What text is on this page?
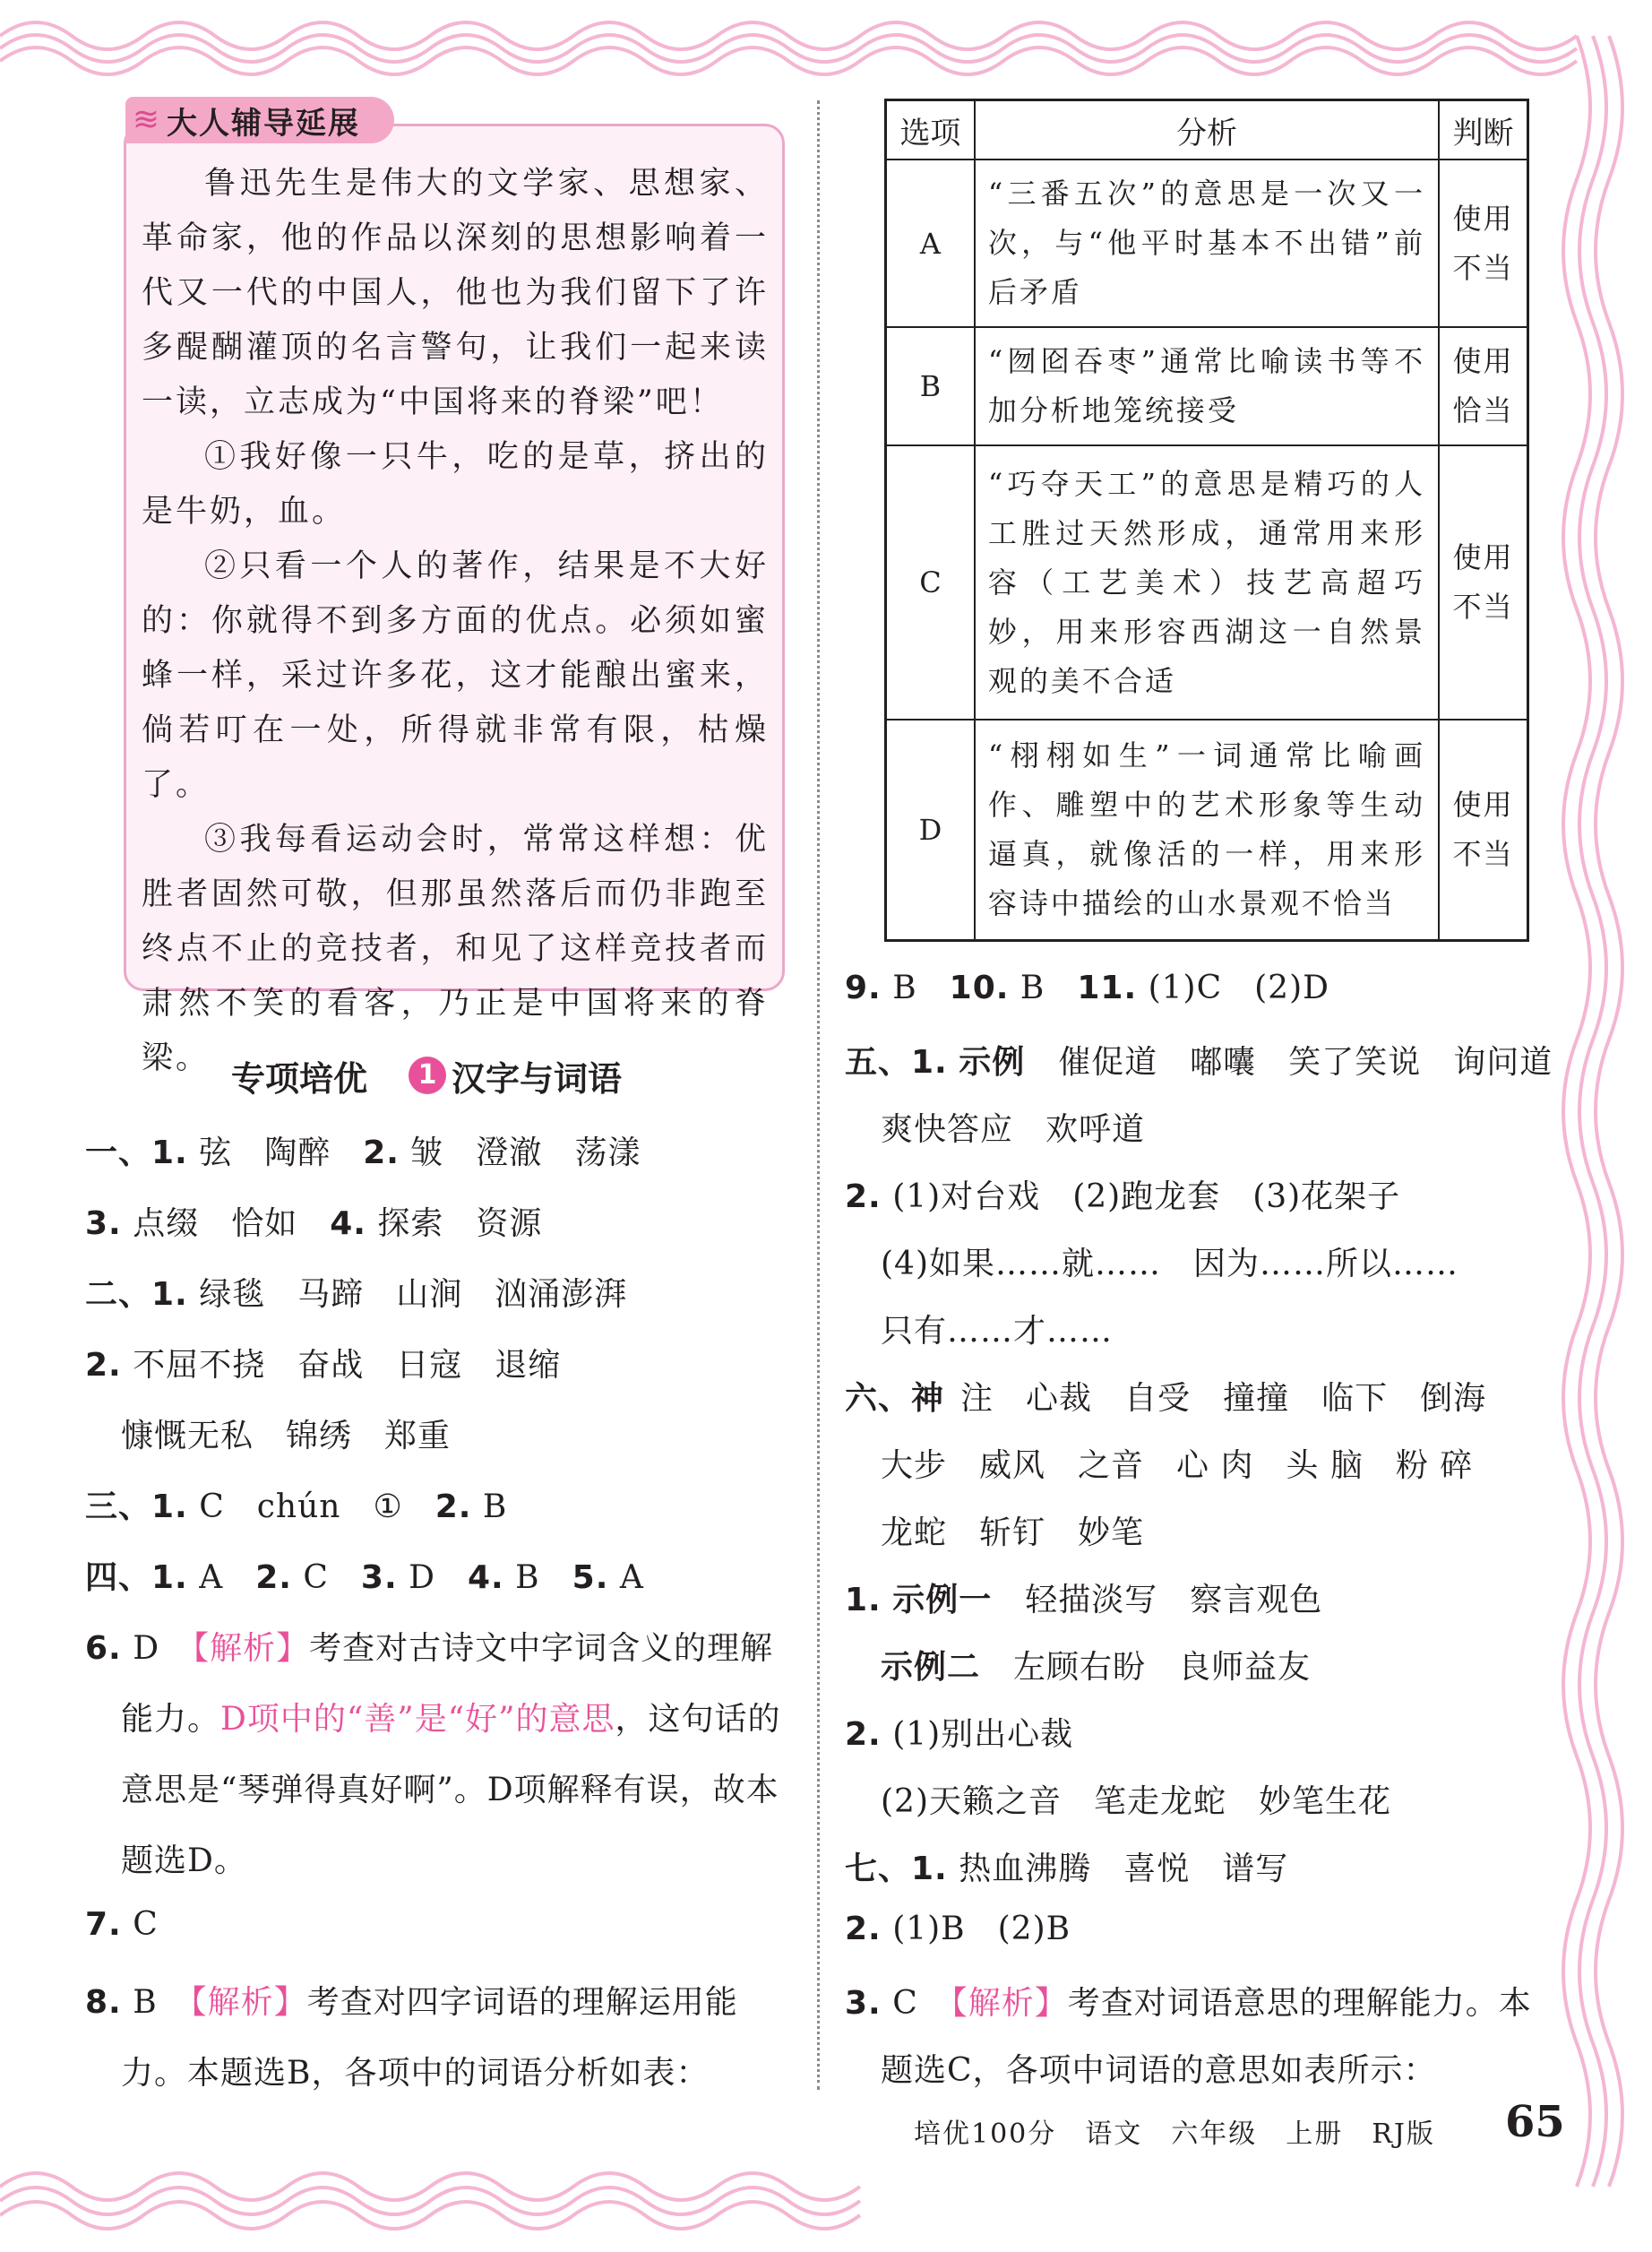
≋ 大人辅导延展

鲁迅先生是伟大的文学家、思想家、革命家，他的作品以深刻的思想影响着一代又一代的中国人，他也为我们留下了许多醍醐灌顶的名言警句，让我们一起来读一读，立志成为“中国将来的脊梁”吧！

①我好像一只牛，吃的是草，挤出的是牛奶，血。

②只看一个人的著作，结果是不大好的：你就得不到多方面的优点。必须如蜜蜂一样，采过许多花，这才能酿出蜜来，倘若叮在一处，所得就非常有限，枯燥了。

③我每看运动会时，常常这样想：优胜者固然可敬，但那虽然落后而仍非跑至终点不止的竞技者，和见了这样竞技者而肃然不笑的看客，乃正是中国将来的脊梁。

专项培优	1 汉字与词语
一、1. 弦 陶醉 2. 皱 澄澈 荡漾
3. 点缀 恰如 4. 探索 资源
二、1. 绿毯 马蹄 山涧 汹涌澎湃
2. 不屈不挠 奋战 日寇 退缩
慷慨无私 锦绣 郑重
三、1. C chún ① 2. B
四、1. A 2. C 3. D 4. B 5. A
6. D　 【解析】考查对古诗文中字词含义的理解
能力。D项中的“善”是“好”的意思，这句话的
意思是“琴弹得真好啊”。D项解释有误，故本
题选D。
7. C
8. B　 【解析】考查对四字词语的理解运用能
力。本题选B，各项中的词语分析如表：
选项	分析	判断
A	“三番五次”的意思是一次又一次，与“他平时基本不出错”前后矛盾	使用不当
B	“囫囵吞枣”通常比喻读书等不加分析地笼统接受	使用恰当
C	“巧夺天工”的意思是精巧的人工胜过天然形成，通常用来形容（工艺美术）技艺高超巧妙，用来形容西湖这一自然景观的美不合适	使用不当
D	“栩栩如生”一词通常比喻画作、雕塑中的艺术形象等生动逼真，就像活的一样，用来形容诗中描绘的山水景观不恰当	使用不当
9. B 10. B 11. (1)C (2)D
五、1. 示例　 催促道 嘟囔 笑了笑说 询问道
爽快答应 欢呼道
2. (1)对台戏 (2)跑龙套 (3)花架子
(4)如果……就…… 因为……所以……
只有……才……
六、神 注 心裁 自受 撞撞 临下 倒海
大步 威风 之音 心 肉 头 脑 粉 碎
龙蛇 斩钉 妙笔
1. 示例一　 轻描淡写 察言观色
示例二　 左顾右盼 良师益友
2. (1)别出心裁
(2)天籁之音 笔走龙蛇 妙笔生花
七、1. 热血沸腾 喜悦 谱写
2. (1)B (2)B
3. C　 【解析】考查对词语意思的理解能力。本
题选C，各项中词语的意思如表所示：
培优100分　语文　六年级　上册　RJ版 65
